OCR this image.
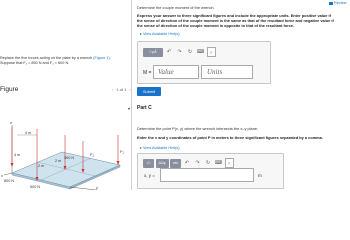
Replace the five forces acting on the plate by a wrench (Figure 1). Suppose that F₁ = 850 N and F₂ = 600 N.
Figure	‹ 1 of 1
4 m
4 m
2 m
2 m
300 N
F₁
F₂
800 N
500 N
x
y
z
Review
Determine the couple moment of the wrench.
Express your answer to three significant figures and include the appropriate units. Enter positive value if the sense of direction of the couple moment is the same as that of the resultant force and negative value if the sense of direction of the couple moment is opposite to that of the resultant force.
▸ View Available Hint(s)
□ μÅ	↶	↷	↻ ⌨	?
M = Value	Units
Submit
▾ Part C
Determine the point P(x, y) where the wrench intersects the x–y plane.
Enter the x and y coordinates of point P in meters to three significant figures separated by a comma.
▸ View Available Hint(s)
√□	AΣφ	vec	↶	↷	↻ ⌨	?
x, y =	m
